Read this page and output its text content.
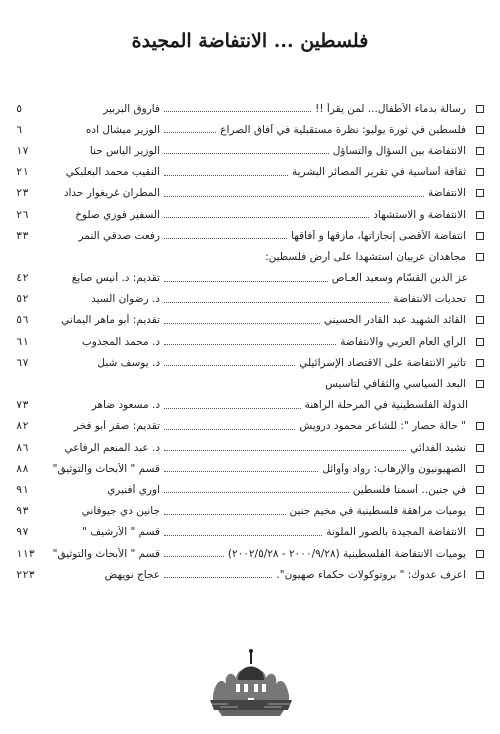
فلسطين ... الانتفاضة المجيدة
رسالة بدماء الأطفال... لمن يقرأ !!
فاروق البربير
٥
فلسطين في ثورة يوليو: نظرة مستقبلية في آفاق الصراع
الوزير ميشال اده
٦
الانتفاضة بين السؤال والتساؤل
الوزير الياس حنا
١٧
ثقافة أساسية في تقرير المصائر البشرية
النقيب محمد البعلبكي
٢١
الانتفاضة
المطران غريغوار حداد
٢٣
الانتفاضة و الاستشهاد
السفير فوزي صلّوخ
٢٦
انتفاضة الأقصى إنجازاتها، مأزقها و آفاقها
رفعت صدقي النمر
٣٣
مجاهدان عربيان استشهدا على أرض فلسطين:
عز الدين القسّام وسعيد العـاص
تقديم: د. أنيس صايغ
٤٢
تحديات الانتفاضة
د. رضوان السيد
٥٢
القائد الشهيد عبد القادر الحسيني
تقديم: أبو ماهر اليماني
٥٦
الرأي العام العربي والانتفاضة
د. محمد المجذوب
٦١
تأثير الانتفاضة على الاقتصاد الإسرائيلي
د. يوسف شبل
٦٧
البعد السياسي والثقافي لتأسيس
الدولة الفلسطينية في المرحلة الراهنة
د. مسعود ضاهر
٧٣
" حالة حصار ": للشاعر محمود درويش
تقديم: صقر أبو فخر
٨٢
نشيد الفدائي
د. عبد المنعم الرفاعي
٨٦
الصهيونيون والإرهاب: رواد وأوائل
قسم " الأبحاث والتوثيق"
٨٨
في جنين.. أسمنا فلسطين
اوري أفنيري
٩١
يوميات مراهقة فلسطينية في مخيم جنين
جانين دي جيوفاني
٩٣
الانتفاضة المجيدة بالصور الملونة
قسم " الأرشيف "
٩٧
يوميات الانتفاضة الفلسطينية (٢٠٠٠/٩/٢٨ - ٢٠٠٢/٥/٢٨)
قسم " الأبحاث والتوثيق"
١١٣
اعرف عدوك: " بروتوكولات حكماء صهيون".
عجاج نويهض
٢٢٣
